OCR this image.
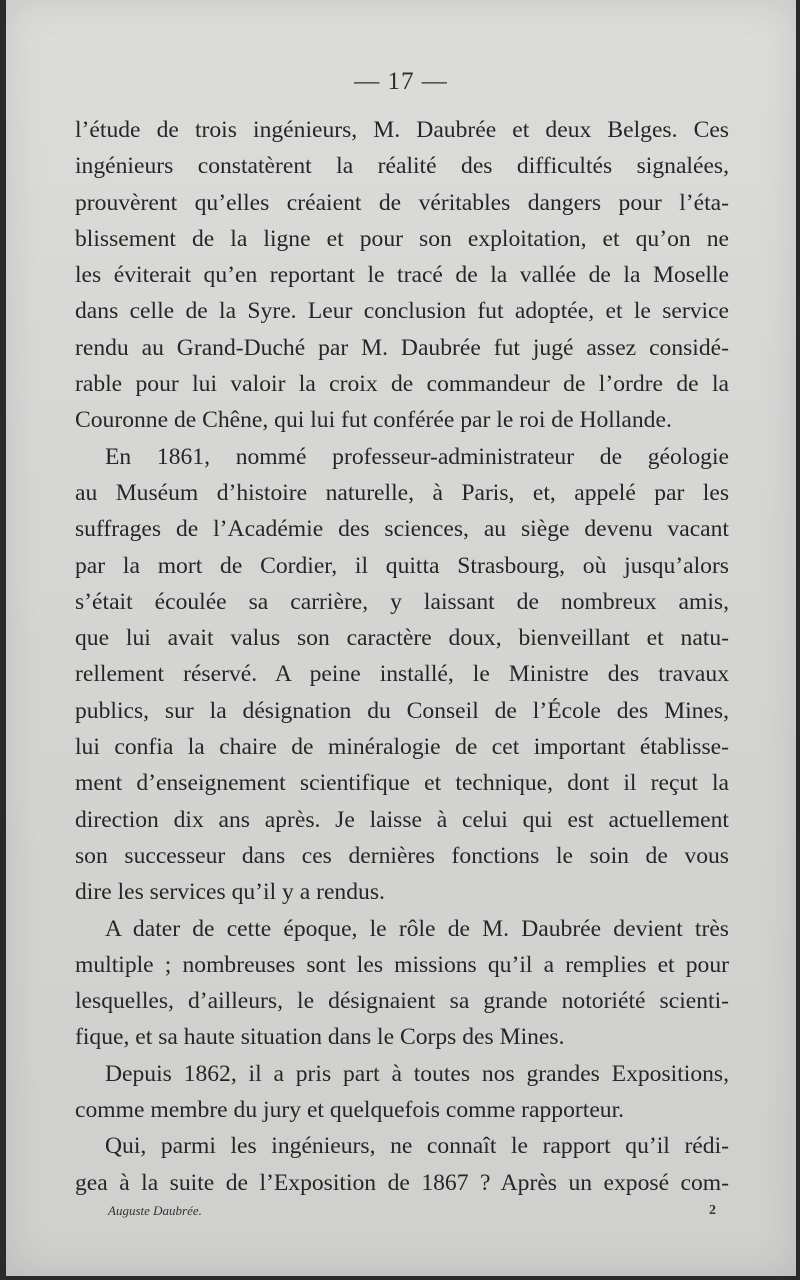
— 17 —
l’étude de trois ingénieurs, M. Daubrée et deux Belges. Ces
ingénieurs constatèrent la réalité des difficultés signalées,
prouvèrent qu’elles créaient de véritables dangers pour l’éta-
blissement de la ligne et pour son exploitation, et qu’on ne
les éviterait qu’en reportant le tracé de la vallée de la Moselle
dans celle de la Syre. Leur conclusion fut adoptée, et le service
rendu au Grand-Duché par M. Daubrée fut jugé assez considé-
rable pour lui valoir la croix de commandeur de l’ordre de la
Couronne de Chêne, qui lui fut conférée par le roi de Hollande.
En 1861, nommé professeur-administrateur de géologie
au Muséum d’histoire naturelle, à Paris, et, appelé par les
suffrages de l’Académie des sciences, au siège devenu vacant
par la mort de Cordier, il quitta Strasbourg, où jusqu’alors
s’était écoulée sa carrière, y laissant de nombreux amis,
que lui avait valus son caractère doux, bienveillant et natu-
rellement réservé. A peine installé, le Ministre des travaux
publics, sur la désignation du Conseil de l’École des Mines,
lui confia la chaire de minéralogie de cet important établisse-
ment d’enseignement scientifique et technique, dont il reçut la
direction dix ans après. Je laisse à celui qui est actuellement
son successeur dans ces dernières fonctions le soin de vous
dire les services qu’il y a rendus.
A dater de cette époque, le rôle de M. Daubrée devient très
multiple ; nombreuses sont les missions qu’il a remplies et pour
lesquelles, d’ailleurs, le désignaient sa grande notoriété scienti-
fique, et sa haute situation dans le Corps des Mines.
Depuis 1862, il a pris part à toutes nos grandes Expositions,
comme membre du jury et quelquefois comme rapporteur.
Qui, parmi les ingénieurs, ne connaît le rapport qu’il rédi-
gea à la suite de l’Exposition de 1867 ? Après un exposé com-
Auguste Daubrée.	2
